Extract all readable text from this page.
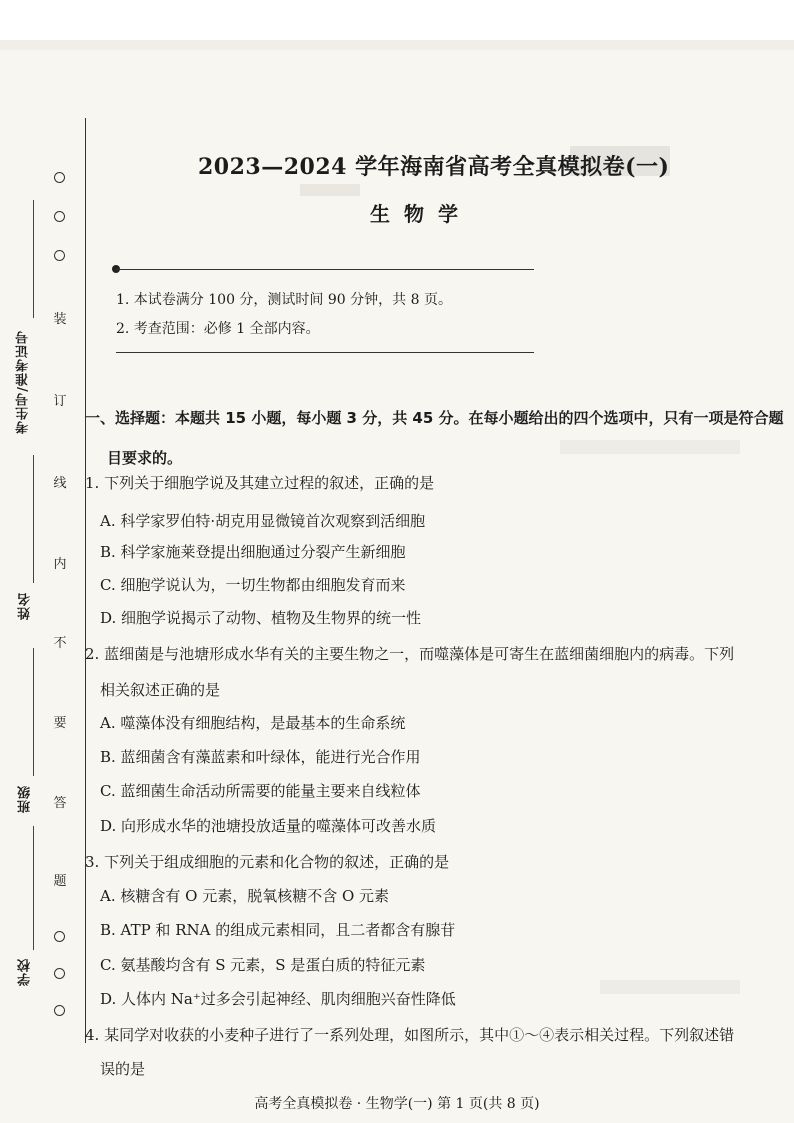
考生号/准考证号
姓名
班级
学校
装
订
线
内
不
要
答
题
2023—2024 学年海南省高考全真模拟卷(一)
生物学
1. 本试卷满分 100 分，测试时间 90 分钟，共 8 页。
2. 考查范围：必修 1 全部内容。
一、选择题：本题共 15 小题，每小题 3 分，共 45 分。在每小题给出的四个选项中，只有一项是符合题
目要求的。
1. 下列关于细胞学说及其建立过程的叙述，正确的是
A. 科学家罗伯特·胡克用显微镜首次观察到活细胞
B. 科学家施莱登提出细胞通过分裂产生新细胞
C. 细胞学说认为，一切生物都由细胞发育而来
D. 细胞学说揭示了动物、植物及生物界的统一性
2. 蓝细菌是与池塘形成水华有关的主要生物之一，而噬藻体是可寄生在蓝细菌细胞内的病毒。下列
相关叙述正确的是
A. 噬藻体没有细胞结构，是最基本的生命系统
B. 蓝细菌含有藻蓝素和叶绿体，能进行光合作用
C. 蓝细菌生命活动所需要的能量主要来自线粒体
D. 向形成水华的池塘投放适量的噬藻体可改善水质
3. 下列关于组成细胞的元素和化合物的叙述，正确的是
A. 核糖含有 O 元素，脱氧核糖不含 O 元素
B. ATP 和 RNA 的组成元素相同，且二者都含有腺苷
C. 氨基酸均含有 S 元素，S 是蛋白质的特征元素
D. 人体内 Na⁺过多会引起神经、肌肉细胞兴奋性降低
4. 某同学对收获的小麦种子进行了一系列处理，如图所示，其中①～④表示相关过程。下列叙述错
误的是
高考全真模拟卷 · 生物学(一) 第 1 页(共 8 页)
